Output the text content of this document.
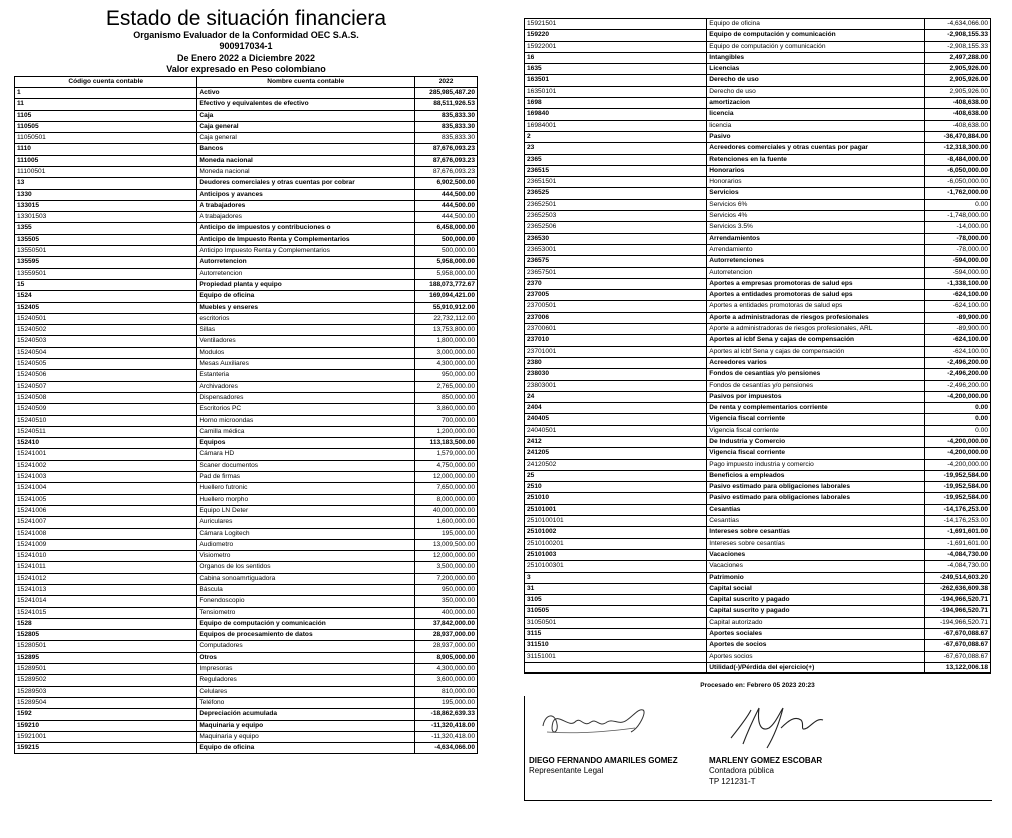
Estado de situación financiera
Organismo Evaluador de la Conformidad OEC S.A.S.
900917034-1
De Enero 2022 a Diciembre 2022
Valor expresado en Peso colombiano
Código cuenta contable	Nombre cuenta contable	2022
1	Activo	285,985,487.20
11	Efectivo y equivalentes de efectivo	88,511,926.53
1105	Caja	835,833.30
110505	Caja general	835,833.30
11050501	Caja general	835,833.30
1110	Bancos	87,676,093.23
111005	Moneda nacional	87,676,093.23
11100501	Moneda nacional	87,676,093.23
13	Deudores comerciales y otras cuentas por cobrar	6,902,500.00
1330	Anticipos y avances	444,500.00
133015	A trabajadores	444,500.00
13301503	A trabajadores	444,500.00
1355	Anticipo de impuestos y contribuciones o	6,458,000.00
135505	Anticipo de Impuesto Renta y Complementarios	500,000.00
13550501	Anticipo Impuesto Renta y Complementarios	500,000.00
135595	Autorretencion	5,958,000.00
13559501	Autorretencion	5,958,000.00
15	Propiedad planta y equipo	188,073,772.67
1524	Equipo de oficina	169,094,421.00
152405	Muebles y enseres	55,910,912.00
15240501	escritorios	22,732,112.00
15240502	Sillas	13,753,800.00
15240503	Ventiladores	1,800,000.00
15240504	Modulos	3,000,000.00
15240505	Mesas Auxiliares	4,300,000.00
15240506	Estanteria	950,000.00
15240507	Archivadores	2,765,000.00
15240508	Dispensadores	850,000.00
15240509	Escritorios PC	3,860,000.00
15240510	Horno microondas	700,000.00
15240511	Camilla médica	1,200,000.00
152410	Equipos	113,183,500.00
15241001	Cámara HD	1,579,000.00
15241002	Scaner documentos	4,750,000.00
15241003	Pad de firmas	12,000,000.00
15241004	Huellero futronic	7,650,000.00
15241005	Huellero morpho	8,000,000.00
15241006	Equipo LN Deter	40,000,000.00
15241007	Auriculares	1,600,000.00
15241008	Cámara Logitech	195,000.00
15241009	Audiometro	13,009,500.00
15241010	Visiometro	12,000,000.00
15241011	Organos de los sentidos	3,500,000.00
15241012	Cabina sonoamrtiguadora	7,200,000.00
15241013	Báscula	950,000.00
15241014	Fonendoscopio	350,000.00
15241015	Tensiometro	400,000.00
1528	Equipo de computación y comunicación	37,842,000.00
152805	Equipos de procesamiento de datos	28,937,000.00
15280501	Computadores	28,937,000.00
152895	Otros	8,905,000.00
15289501	Impresoras	4,300,000.00
15289502	Reguladores	3,600,000.00
15289503	Celulares	810,000.00
15289504	Teléfono	195,000.00
1592	Depreciación acumulada	-18,862,639.33
159210	Maquinaria y equipo	-11,320,418.00
15921001	Maquinaria y equipo	-11,320,418.00
159215	Equipo de oficina	-4,634,066.00
15921501	Equipo de oficina	-4,634,066.00
159220	Equipo de computación y comunicación	-2,908,155.33
15922001	Equipo de computación y comunicación	-2,908,155.33
16	Intangibles	2,497,288.00
1635	Licencias	2,905,926.00
163501	Derecho de uso	2,905,926.00
16350101	Derecho de uso	2,905,926.00
1698	amortizacion	-408,638.00
169840	licencia	-408,638.00
16984001	licencia	-408,638.00
2	Pasivo	-36,470,884.00
23	Acreedores comerciales y otras cuentas por pagar	-12,318,300.00
2365	Retenciones en la fuente	-8,484,000.00
236515	Honorarios	-6,050,000.00
23651501	Honorarios	-6,050,000.00
236525	Servicios	-1,762,000.00
23652501	Servicios 6%	0.00
23652503	Servicios 4%	-1,748,000.00
23652506	Servicios 3.5%	-14,000.00
236530	Arrendamientos	-78,000.00
23653001	Arrendamiento	-78,000.00
236575	Autorretenciones	-594,000.00
23657501	Autorretencion	-594,000.00
2370	Aportes a empresas promotoras de salud eps	-1,338,100.00
237005	Aportes a entidades promotoras de salud eps	-624,100.00
23700501	Aportes a entidades promotoras de salud eps	-624,100.00
237006	Aporte a administradoras de riesgos profesionales	-89,900.00
23700601	Aporte a administradoras de riesgos profesionales, ARL	-89,900.00
237010	Aportes al icbf Sena y cajas de compensación	-624,100.00
23701001	Aportes al icbf Sena y cajas de compensación	-624,100.00
2380	Acreedores varios	-2,496,200.00
238030	Fondos de cesantías y/o pensiones	-2,496,200.00
23803001	Fondos de cesantías y/o pensiones	-2,496,200.00
24	Pasivos por impuestos	-4,200,000.00
2404	De renta y complementarios corriente	0.00
240405	Vigencia fiscal corriente	0.00
24040501	Vigencia fiscal corriente	0.00
2412	De Industria y Comercio	-4,200,000.00
241205	Vigencia fiscal corriente	-4,200,000.00
24120502	Pago impuesto industria y comercio	-4,200,000.00
25	Beneficios a empleados	-19,952,584.00
2510	Pasivo estimado para obligaciones laborales	-19,952,584.00
251010	Pasivo estimado para obligaciones laborales	-19,952,584.00
25101001	Cesantías	-14,176,253.00
2510100101	Cesantías	-14,176,253.00
25101002	Intereses sobre cesantías	-1,691,601.00
2510100201	Intereses sobre cesantías	-1,691,601.00
25101003	Vacaciones	-4,084,730.00
2510100301	Vacaciones	-4,084,730.00
3	Patrimonio	-249,514,603.20
31	Capital social	-262,636,609.38
3105	Capital suscrito y pagado	-194,966,520.71
310505	Capital suscrito y pagado	-194,966,520.71
31050501	Capital autorizado	-194,966,520.71
3115	Aportes sociales	-67,670,088.67
311510	Aportes de socios	-67,670,088.67
31151001	Aportes socios	-67,670,088.67
	Utilidad(-)/Pérdida del ejercicio(+)	13,122,006.18
Procesado en: Febrero 05 2023 20:23
DIEGO FERNANDO AMARILES GOMEZ
Representante Legal
MARLENY GOMEZ ESCOBAR
Contadora pública
TP 121231-T
